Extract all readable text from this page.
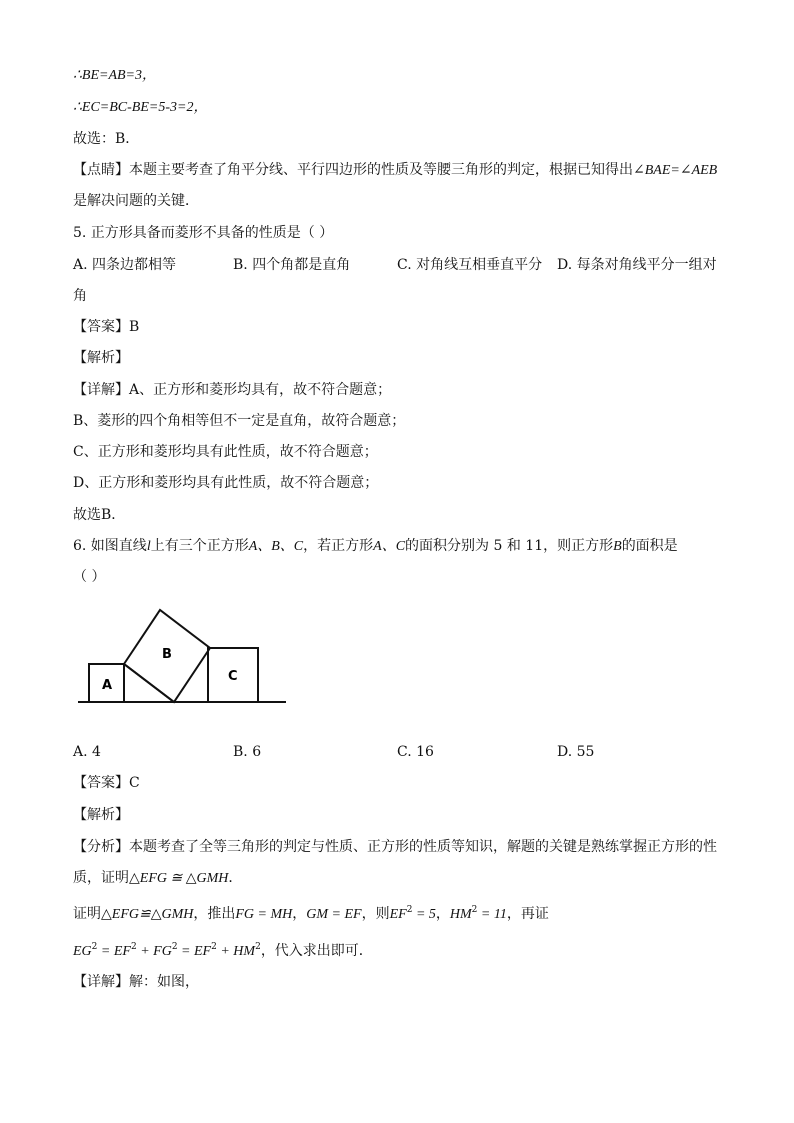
∴BE=AB=3，
∴EC=BC-BE=5-3=2，
故选：B．
【点睛】本题主要考查了角平分线、平行四边形的性质及等腰三角形的判定，根据已知得出∠BAE=∠AEB
是解决问题的关键．
5. 正方形具备而菱形不具备的性质是（ ）
A. 四条边都相等	B. 四个角都是直角	C. 对角线互相垂直平分 D. 每条对角线平分一组对
角
【答案】B
【解析】
【详解】A、正方形和菱形均具有，故不符合题意；
B、菱形的四个角相等但不一定是直角，故符合题意；
C、正方形和菱形均具有此性质，故不符合题意；
D、正方形和菱形均具有此性质，故不符合题意；
故选B．
6. 如图直线l上有三个正方形A、B、C，若正方形A、C的面积分别为 5 和 11，则正方形B的面积是
（ ）
A
B
C
A. 4	B. 6	C. 16	D. 55
【答案】C
【解析】
【分析】本题考查了全等三角形的判定与性质、正方形的性质等知识，解题的关键是熟练掌握正方形的性
质，证明△EFG ≅ △GMH．
证明△EFG≌△GMH，推出FG = MH，GM = EF，则$EF^2 = 5$，$HM^2 = 11$，再证
$EG^2 = EF^2 + FG^2 = EF^2 + HM^2$，代入求出即可．
【详解】解：如图，
